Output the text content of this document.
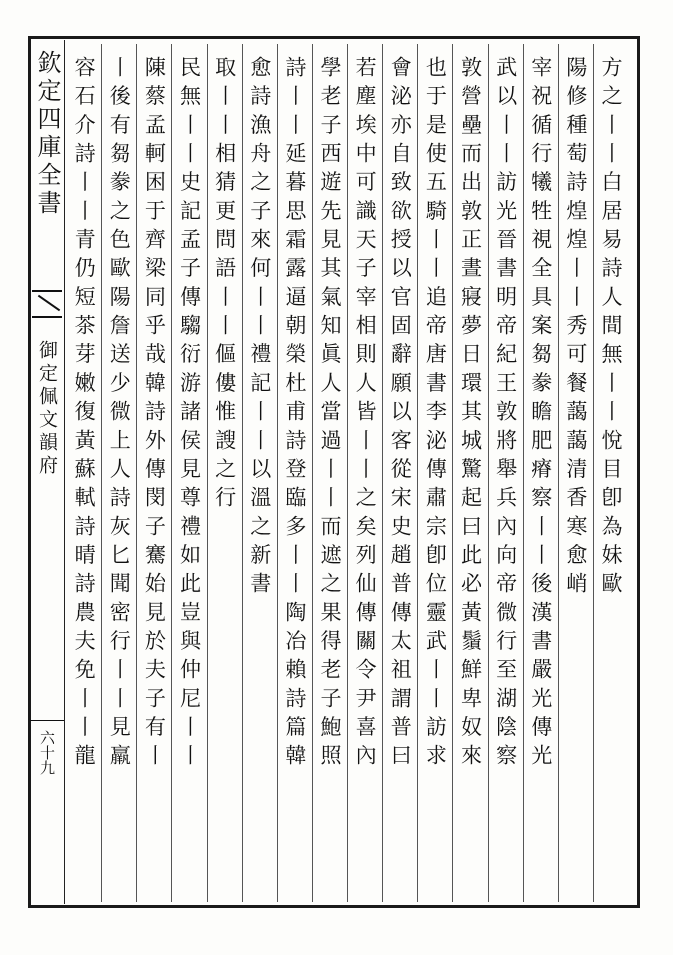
欽定四庫全書
御定佩文韻府
六十九
方之丨丨白居易詩人間無丨丨悅目卽為妹歐
陽修種萄詩煌煌丨丨秀可餐藹藹清香寒愈峭
宰祝循行犧牲視全具案芻豢瞻肥瘠察丨丨後漢書嚴光傳光
武以丨丨訪光晉書明帝紀王敦將舉兵內向帝微行至湖陰察
敦營壘而出敦正晝寢夢日環其城驚起曰此必黃鬚鮮卑奴來
也于是使五騎丨丨追帝唐書李泌傳肅宗卽位靈武丨丨訪求
會泌亦自致欲授以官固辭願以客從宋史趙普傳太祖謂普曰
若塵埃中可識天子宰相則人皆丨丨之矣列仙傳關令尹喜內
學老子西遊先見其氣知眞人當過丨丨而遮之果得老子鮑照
詩丨丨延暮思霜露逼朝榮杜甫詩登臨多丨丨陶冶賴詩篇韓
愈詩漁舟之子來何丨丨禮記丨丨以溫之新書
取丨丨相猜更問語丨丨傴僂惟謏之行
民無丨丨史記孟子傳騶衍游諸侯見尊禮如此豈與仲尼丨丨
陳蔡孟軻困于齊梁同乎哉韓詩外傳閔子騫始見於夫子有丨
丨後有芻豢之色歐陽詹送少微上人詩灰匕聞密行丨丨見羸
容石介詩丨丨青仍短茶芽嫩復黃蘇軾詩晴詩農夫免丨丨龍
